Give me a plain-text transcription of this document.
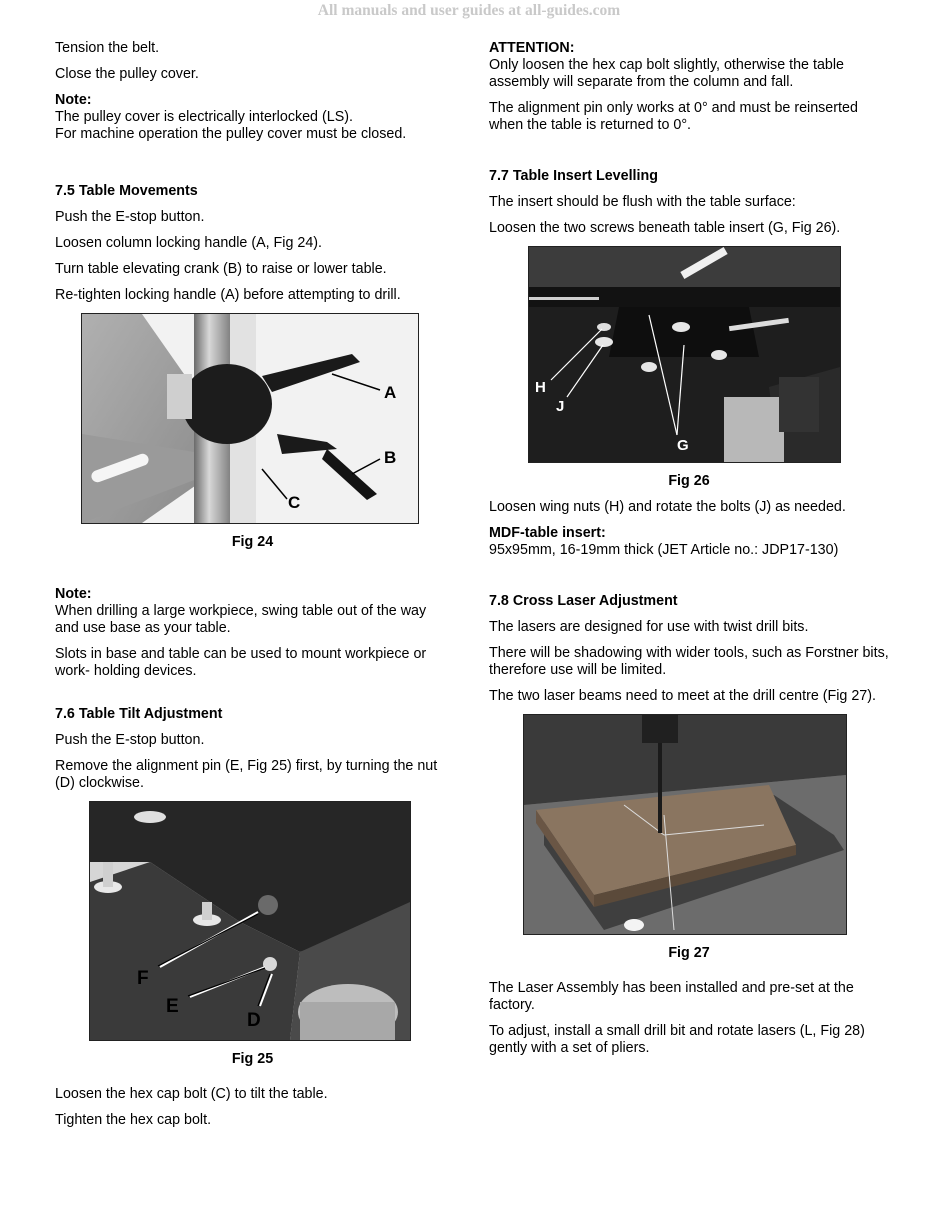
All manuals and user guides at all-guides.com

Tension the belt.

Close the pulley cover.

Note:
The pulley cover is electrically interlocked (LS).
For machine operation the pulley cover must be closed.
7.5 Table Movements

Push the E-stop button.

Loosen column locking handle (A, Fig 24).

Turn table elevating crank (B) to raise or lower table.

Re-tighten locking handle (A) before attempting to drill.

A
B
C
Fig 24
Note:

When drilling a large workpiece, swing table out of the way and use base as your table.

Slots in base and table can be used to mount workpiece or work- holding devices.

7.6 Table Tilt Adjustment

Push the E-stop button.

Remove the alignment pin (E, Fig 25) first, by turning the nut (D) clockwise.

F
E
D
Fig 25

Loosen the hex cap bolt (C) to tilt the table.

Tighten the hex cap bolt.

ATTENTION:

Only loosen the hex cap bolt slightly, otherwise the table assembly will separate from the column and fall.

The alignment pin only works at 0° and must be reinserted when the table is returned to 0°.

7.7 Table Insert Levelling

The insert should be flush with the table surface:

Loosen the two screws beneath table insert (G, Fig 26).

H
J
G
Fig 26

Loosen wing nuts (H) and rotate the bolts (J) as needed.

MDF-table insert:

95x95mm, 16-19mm thick (JET Article no.: JDP17-130)

7.8 Cross Laser Adjustment

The lasers are designed for use with twist drill bits.

There will be shadowing with wider tools, such as Forstner bits, therefore use will be limited.

The two laser beams need to meet at the drill centre (Fig 27).

Fig 27

The Laser Assembly has been installed and pre-set at the factory.

To adjust, install a small drill bit and rotate lasers (L, Fig 28) gently with a set of pliers.
